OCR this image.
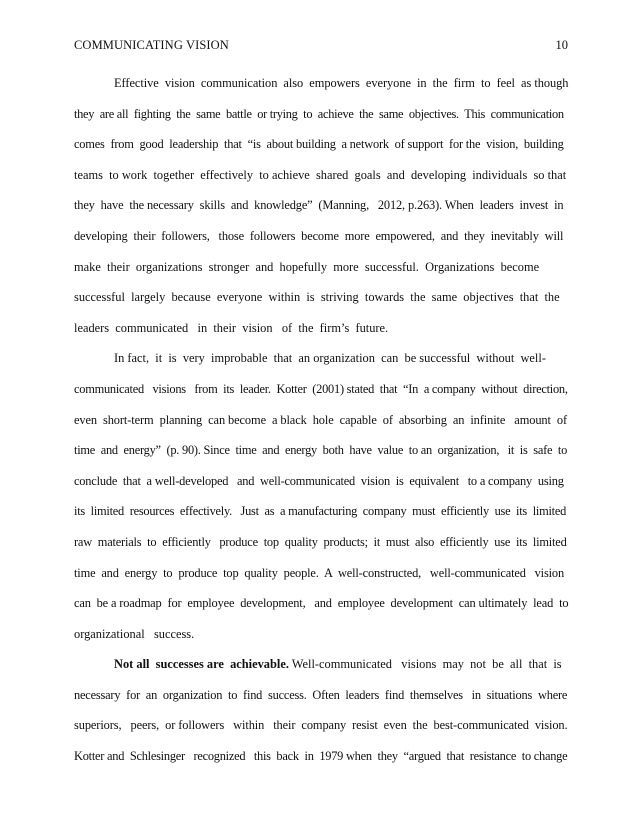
COMMUNICATING VISION	10
Effective  vision  communication  also  empowers  everyone  in  the  firm  to  feel  as though
they  are all  fighting  the  same  battle  or trying  to  achieve  the  same  objectives.  This  communication
comes  from  good  leadership  that  “is  about building  a network  of support  for the  vision,  building
teams  to work  together  effectively  to achieve  shared  goals  and  developing  individuals  so that
they  have  the necessary  skills  and  knowledge”  (Manning,   2012, p.263). When  leaders  invest  in
developing  their  followers,   those  followers  become  more  empowered,  and  they  inevitably  will
make  their  organizations  stronger  and  hopefully  more  successful.  Organizations  become
successful  largely  because  everyone  within  is  striving  towards  the  same  objectives  that  the
leaders  communicated   in  their  vision   of  the  firm’s  future.
In fact,  it  is  very  improbable  that  an organization  can  be successful  without  well-
communicated   visions   from  its  leader.  Kotter  (2001) stated  that  “In  a company  without  direction,
even  short-term  planning  can become  a black  hole  capable  of  absorbing  an  infinite   amount  of
time  and  energy”  (p. 90). Since  time  and  energy  both  have  value  to an  organization,   it  is  safe  to
conclude  that  a well-developed   and  well-communicated  vision  is  equivalent   to a company  using
its  limited  resources  effectively.   Just  as  a manufacturing  company  must  efficiently  use  its  limited
raw  materials  to  efficiently   produce  top  quality  products;  it  must  also  efficiently  use  its  limited
time  and  energy  to  produce  top  quality  people.  A  well-constructed,   well-communicated   vision
can  be a roadmap  for  employee  development,   and  employee  development  can ultimately  lead  to
organizational   success.
Not all  successes are  achievable. Well-communicated   visions  may  not  be  all  that  is
necessary  for  an  organization  to  find  success.  Often  leaders  find  themselves   in  situations  where
superiors,   peers,  or followers   within   their  company  resist  even  the  best-communicated  vision.
Kotter and  Schlesinger   recognized   this  back  in  1979 when  they  “argued  that  resistance  to change
